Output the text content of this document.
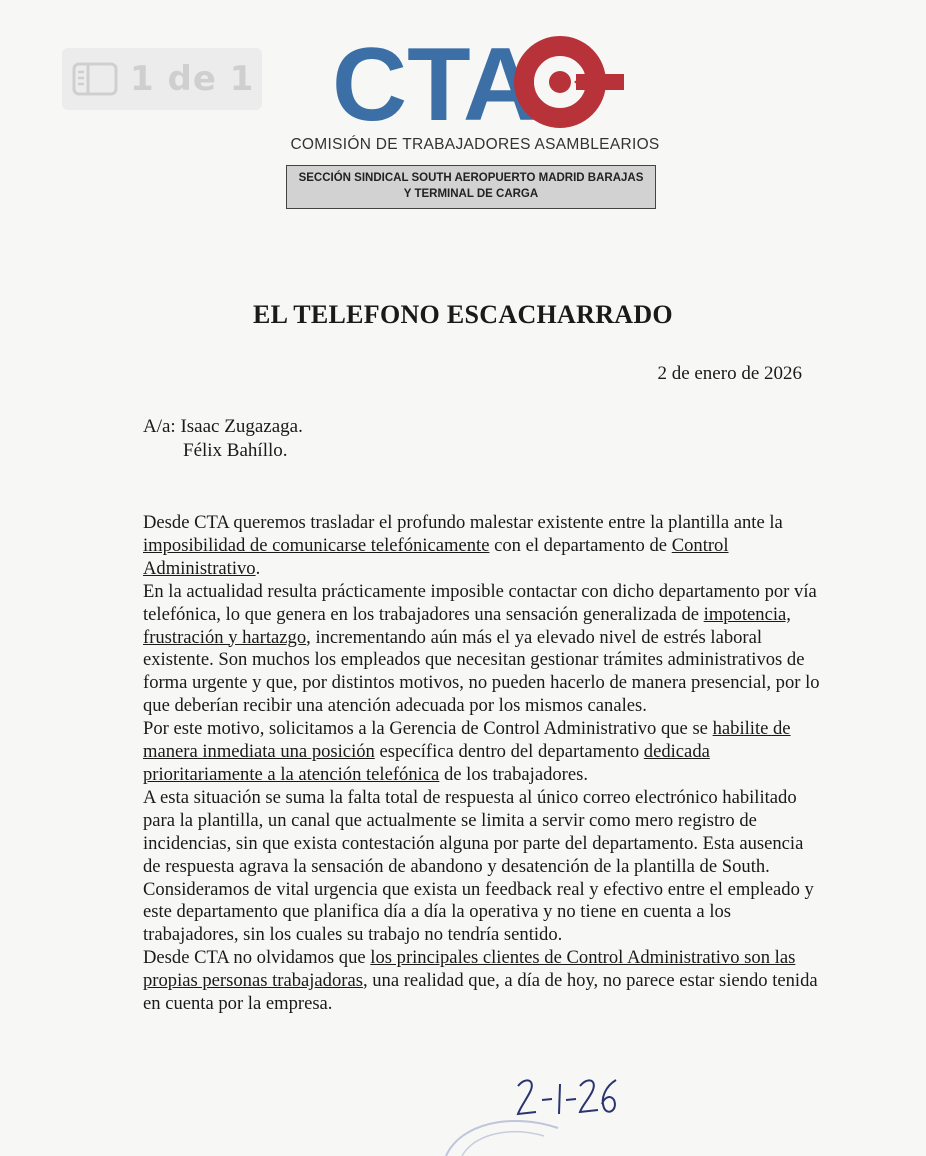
1 de 1 CTA
COMISIÓN DE TRABAJADORES ASAMBLEARIOS
SECCIÓN SINDICAL SOUTH AEROPUERTO MADRID BARAJAS
Y TERMINAL DE CARGA
EL TELEFONO ESCACHARRADO
2 de enero de 2026
A/a: Isaac Zugazaga.
Félix Bahíllo.

Desde CTA queremos trasladar el profundo malestar existente entre la plantilla ante la imposibilidad de comunicarse telefónicamente con el departamento de Control Administrativo.

En la actualidad resulta prácticamente imposible contactar con dicho departamento por vía telefónica, lo que genera en los trabajadores una sensación generalizada de impotencia, frustración y hartazgo, incrementando aún más el ya elevado nivel de estrés laboral existente. Son muchos los empleados que necesitan gestionar trámites administrativos de forma urgente y que, por distintos motivos, no pueden hacerlo de manera presencial, por lo que deberían recibir una atención adecuada por los mismos canales.

Por este motivo, solicitamos a la Gerencia de Control Administrativo que se habilite de manera inmediata una posición específica dentro del departamento dedicada prioritariamente a la atención telefónica de los trabajadores.

A esta situación se suma la falta total de respuesta al único correo electrónico habilitado para la plantilla, un canal que actualmente se limita a servir como mero registro de incidencias, sin que exista contestación alguna por parte del departamento. Esta ausencia de respuesta agrava la sensación de abandono y desatención de la plantilla de South.

Consideramos de vital urgencia que exista un feedback real y efectivo entre el empleado y este departamento que planifica día a día la operativa y no tiene en cuenta a los trabajadores, sin los cuales su trabajo no tendría sentido.

Desde CTA no olvidamos que los principales clientes de Control Administrativo son las propias personas trabajadoras, una realidad que, a día de hoy, no parece estar siendo tenida en cuenta por la empresa.
